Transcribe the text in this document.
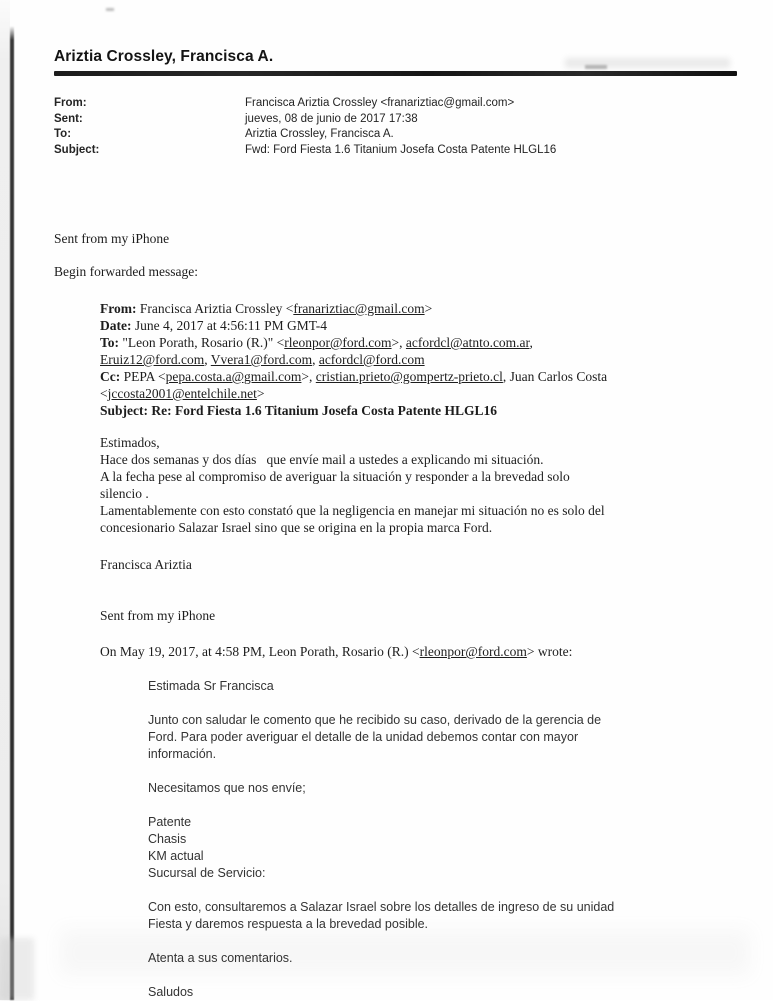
Ariztia Crossley, Francisca A.
From:	Francisca Ariztia Crossley <franariztiac@gmail.com>
Sent:	jueves, 08 de junio de 2017 17:38
To:	Ariztia Crossley, Francisca A.
Subject:	Fwd: Ford Fiesta 1.6 Titanium Josefa Costa Patente HLGL16
Sent from my iPhone
Begin forwarded message:
From: Francisca Ariztia Crossley <franariztiac@gmail.com>
Date: June 4, 2017 at 4:56:11 PM GMT-4
To: "Leon Porath, Rosario (R.)" <rleonpor@ford.com>, acfordcl@atnto.com.ar,
Eruiz12@ford.com, Vvera1@ford.com, acfordcl@ford.com
Cc: PEPA <pepa.costa.a@gmail.com>, cristian.prieto@gompertz-prieto.cl, Juan Carlos Costa
<jccosta2001@entelchile.net>
Subject: Re: Ford Fiesta 1.6 Titanium Josefa Costa Patente HLGL16
Estimados,
Hace dos semanas y dos días   que envíe mail a ustedes a explicando mi situación.
A la fecha pese al compromiso de averiguar la situación y responder a la brevedad solo
silencio .
Lamentablemente con esto constató que la negligencia en manejar mi situación no es solo del
concesionario Salazar Israel sino que se origina en la propia marca Ford.
Francisca Ariztia
Sent from my iPhone
On May 19, 2017, at 4:58 PM, Leon Porath, Rosario (R.) <rleonpor@ford.com> wrote:
Estimada Sr Francisca
Junto con saludar le comento que he recibido su caso, derivado de la gerencia de
Ford. Para poder averiguar el detalle de la unidad debemos contar con mayor
información.
Necesitamos que nos envíe;
Patente
Chasis
KM actual
Sucursal de Servicio:
Con esto, consultaremos a Salazar Israel sobre los detalles de ingreso de su unidad
Fiesta y daremos respuesta a la brevedad posible.
Atenta a sus comentarios.
Saludos
